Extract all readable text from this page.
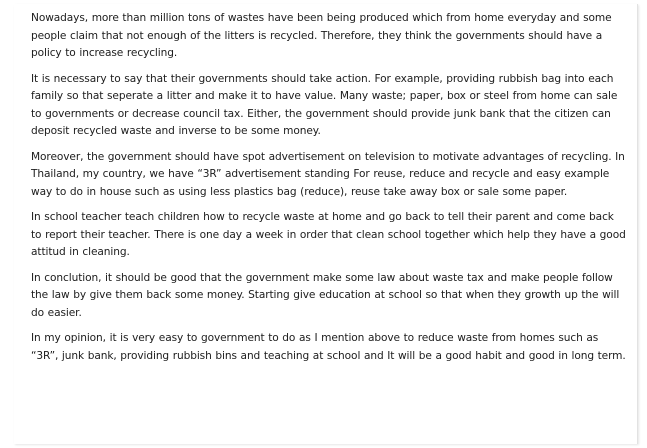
Nowadays, more than million tons of wastes have been being produced which from home everyday and some people claim that not enough of the litters is recycled. Therefore, they think the governments should have a policy to increase recycling.

It is necessary to say that their governments should take action. For example, providing rubbish bag into each family so that seperate a litter and make it to have value. Many waste; paper, box or steel from home can sale to governments or decrease council tax. Either, the government should provide junk bank that the citizen can deposit recycled waste and inverse to be some money.

Moreover, the government should have spot advertisement on television to motivate advantages of recycling. In Thailand, my country, we have “3R” advertisement standing For reuse, reduce and recycle and easy example way to do in house such as using less plastics bag (reduce), reuse take away box or sale some paper.

In school teacher teach children how to recycle waste at home and go back to tell their parent and come back to report their teacher. There is one day a week in order that clean school together which help they have a good attitud in cleaning.

In conclution, it should be good that the government make some law about waste tax and make people follow the law by give them back some money. Starting give education at school so that when they growth up the will do easier.

In my opinion, it is very easy to government to do as I mention above to reduce waste from homes such as “3R”, junk bank, providing rubbish bins and teaching at school and It will be a good habit and good in long term.
